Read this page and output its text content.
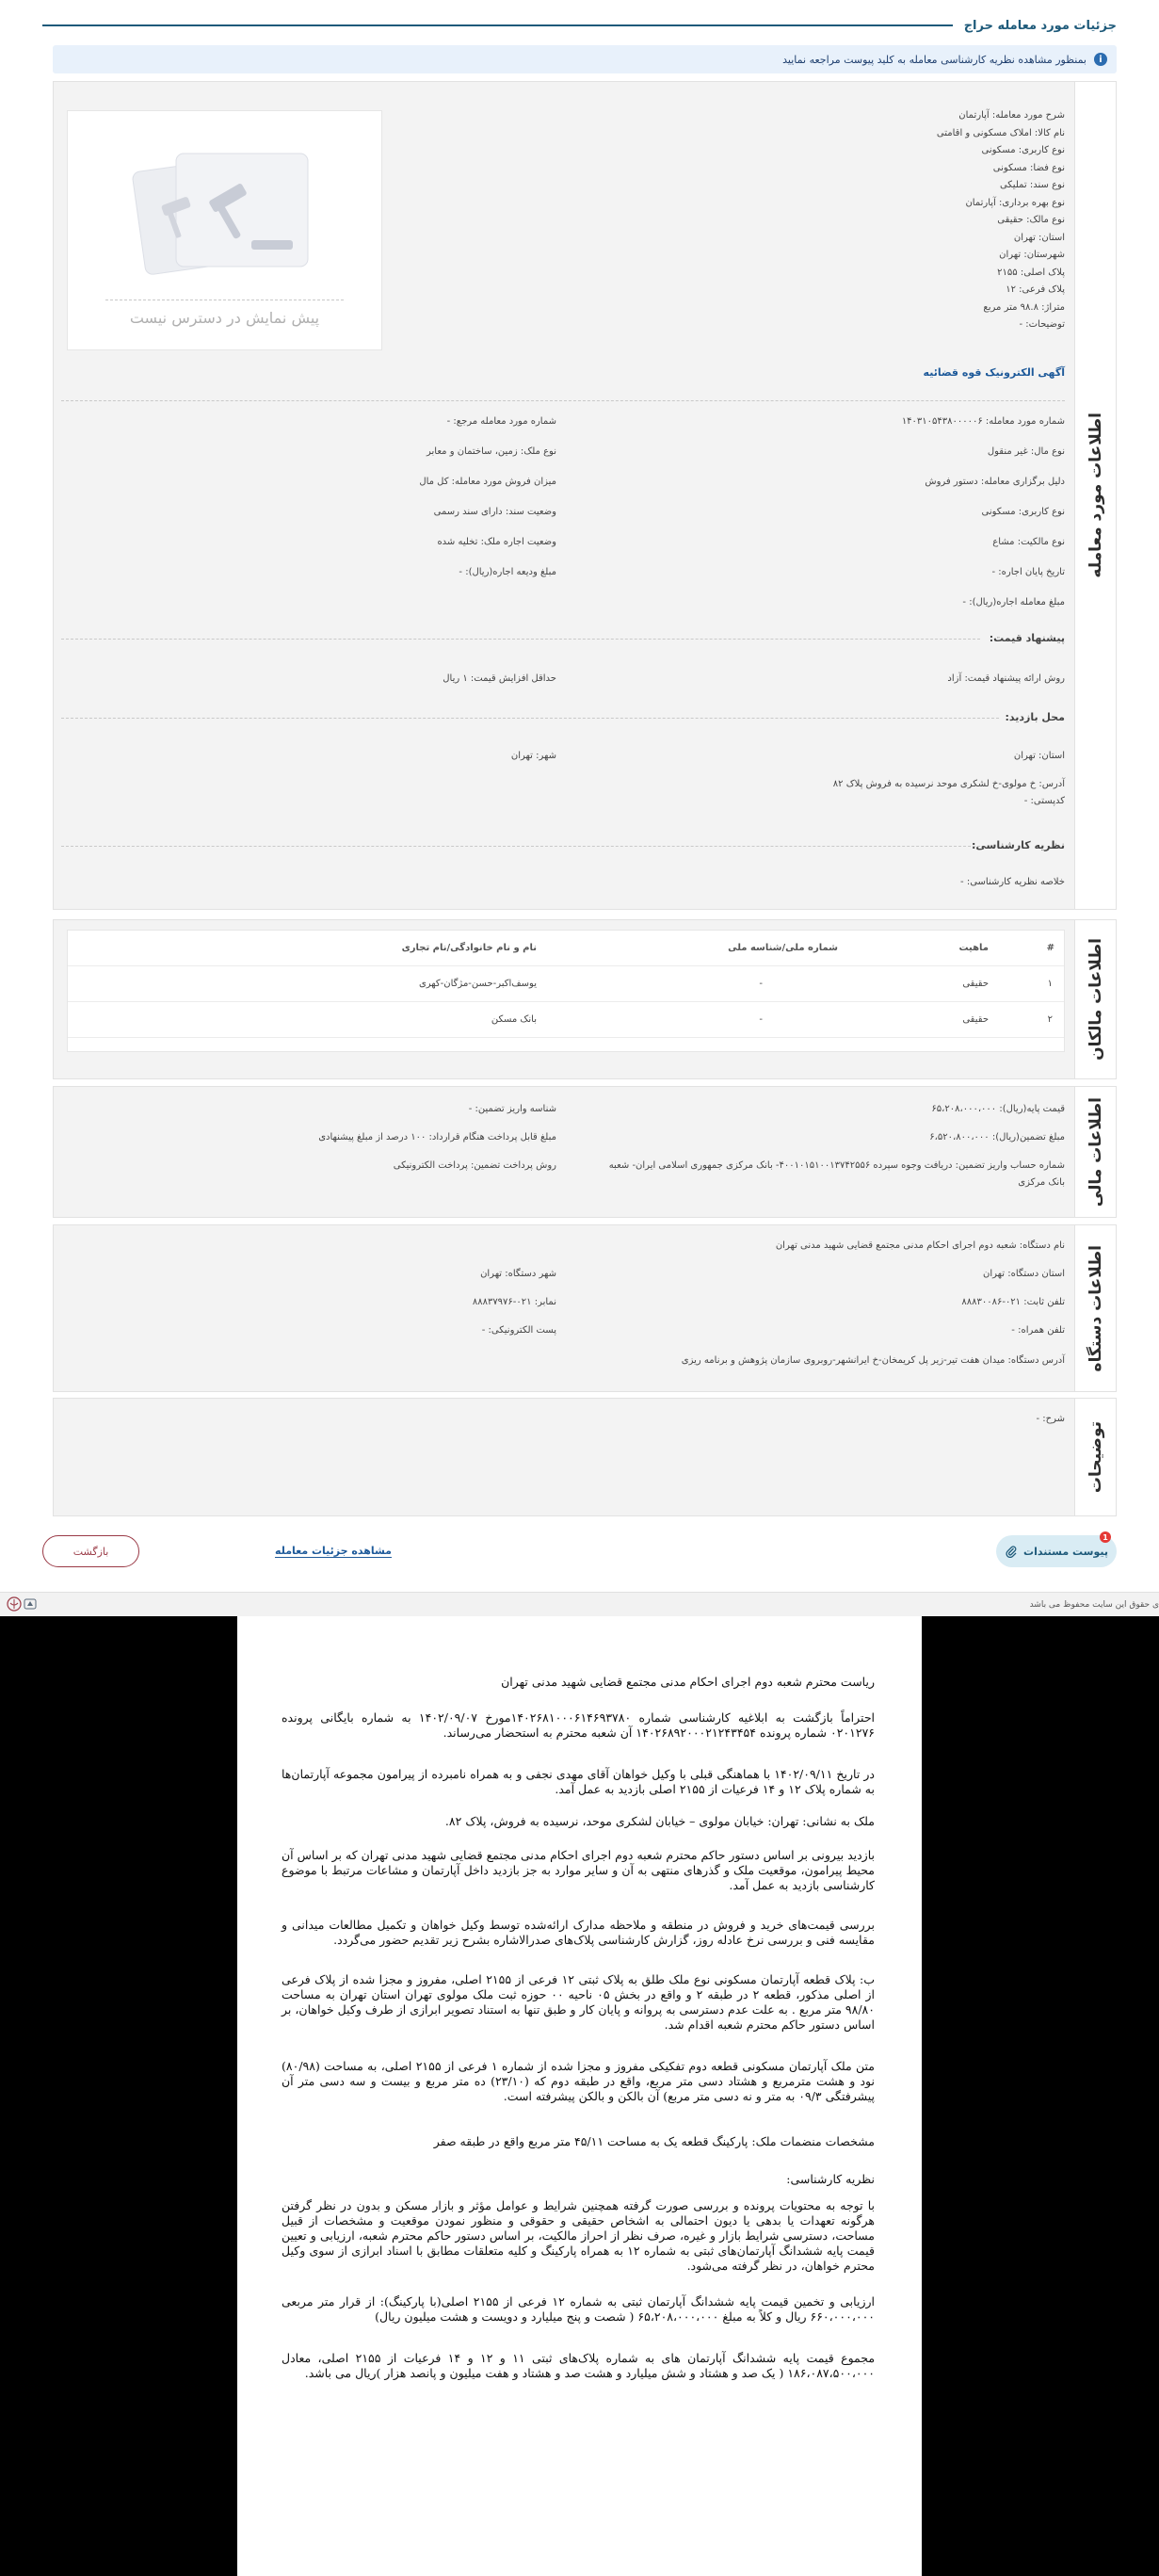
جزئیات مورد معامله حراج
i
بمنظور مشاهده نظریه کارشناسی معامله به کلید پیوست مراجعه نمایید
اطلاعات مورد معامله
شرح مورد معامله: آپارتمان
نام کالا: املاک مسکونی و اقامتی
نوع کاربری: مسکونی
نوع فضا: مسکونی
نوع سند: تملیکی
نوع بهره برداری: آپارتمان
نوع مالک: حقیقی
استان: تهران
شهرستان: تهران
پلاک اصلی: ۲۱۵۵
پلاک فرعی: ۱۲
متراژ: ۹۸.۸ متر مربع
توضیحات: -
پیش نمایش در دسترس نیست
آگهی الکترونیک قوه قضائیه
شماره مورد معامله: ۱۴۰۳۱۰۵۴۳۸۰۰۰۰۰۶
نوع مال: غیر منقول
دلیل برگزاری معامله: دستور فروش
نوع کاربری: مسکونی
نوع مالکیت: مشاع
تاریخ پایان اجاره: -
مبلغ معامله اجاره(ریال): -
شماره مورد معامله مرجع: -
نوع ملک: زمین، ساختمان و معابر
میزان فروش مورد معامله: کل مال
وضعیت سند: دارای سند رسمی
وضعیت اجاره ملک: تخلیه شده
مبلغ ودیعه اجاره(ریال): -
پیشنهاد قیمت:
روش ارائه پیشنهاد قیمت: آزاد
حداقل افزایش قیمت: ۱ ریال
محل بازدید:
استان: تهران
شهر: تهران
آدرس: خ مولوی-خ لشکری موحد نرسیده به فروش پلاک ۸۲
کدپستی: -
نظریه کارشناسی:
خلاصه نظریه کارشناسی: -
اطلاعات مالکان
#
ماهیت
شماره ملی/شناسه ملی
نام و نام خانوادگی/نام تجاری
۱
حقیقی
-
یوسف‌اکبر-حسن‌-مژگان-کهری
۲
حقیقی
-
بانک مسکن
اطلاعات مالی
قیمت پایه(ریال): ۶۵،۲۰۸،۰۰۰،۰۰۰
شناسه واریز تضمین: -
مبلغ تضمین(ریال): ۶،۵۲۰،۸۰۰،۰۰۰
مبلغ قابل پرداخت هنگام قرارداد: ۱۰۰ درصد از مبلغ پیشنهادی
شماره حساب واریز تضمین: دریافت وجوه سپرده ۴۰۰۱۰۱۵۱۰۰۱۳۷۴۲۵۵۶- بانک مرکزی جمهوری اسلامی ایران- شعبه
بانک مرکزی
روش پرداخت تضمین: پرداخت الکترونیکی
اطلاعات دستگاه
نام دستگاه: شعبه دوم اجرای احکام مدنی مجتمع قضایی شهید مدنی تهران
استان دستگاه: تهران
شهر دستگاه: تهران
تلفن ثابت: ۰۲۱-۸۸۸۳۰۰۸۶
نمابر: ۰۲۱-۸۸۸۳۷۹۷۶
تلفن همراه: -
پست الکترونیکی: -
آدرس دستگاه: میدان هفت تیر-زیر پل کریمخان-خ ایرانشهر-روبروی سازمان پژوهش و برنامه ریزی
توضیحات
شرح: -
1
پیوست مستندات
مشاهده جزئیات معامله
بازگشت
ی حقوق این سایت محفوظ می باشد
ریاست محترم شعبه دوم اجرای احکام مدنی مجتمع قضایی شهید مدنی تهران
احتراماً بازگشت به ابلاغیه کارشناسی شماره ۱۴۰۲۶۸۱۰۰۰۶۱۴۶۹۳۷۸۰مورخ ۱۴۰۲/۰۹/۰۷ به شماره بایگانی پرونده ۰۲۰۱۲۷۶ شماره پرونده ۱۴۰۲۶۸۹۲۰۰۰۲۱۲۴۳۴۵۴ آن شعبه محترم به استحضار می‌رساند.
در تاریخ ۱۴۰۲/۰۹/۱۱ با هماهنگی قبلی با وکیل خواهان آقای مهدی نجفی و به همراه نامبرده از پیرامون مجموعه آپارتمان‌ها به شماره پلاک ۱۲ و ۱۴ فرعیات از ۲۱۵۵ اصلی بازدید به عمل آمد.
ملک به نشانی: تهران: خیابان مولوی – خیابان لشکری موحد، نرسیده به فروش، پلاک ۸۲.
بازدید بیرونی بر اساس دستور حاکم محترم شعبه دوم اجرای احکام مدنی مجتمع قضایی شهید مدنی تهران که بر اساس آن محیط پیرامون، موقعیت ملک و گذرهای منتهی به آن و سایر موارد به جز بازدید داخل آپارتمان و مشاعات مرتبط با موضوع کارشناسی بازدید به عمل آمد.
بررسی قیمت‌های خرید و فروش در منطقه و ملاحظه مدارک ارائه‌شده توسط وکیل خواهان و تکمیل مطالعات میدانی و مقایسه فنی و بررسی نرخ عادله روز، گزارش کارشناسی پلاک‌های صدرالاشاره بشرح زیر تقدیم حضور می‌گردد.
ب: پلاک قطعه آپارتمان مسکونی نوع ملک طلق به پلاک ثبتی ۱۲ فرعی از ۲۱۵۵ اصلی، مفروز و مجزا شده از پلاک فرعی از اصلی مذکور، قطعه ۲ در طبقه ۲ و واقع در بخش ۰۵ ناحیه ۰۰ حوزه ثبت ملک مولوی تهران استان تهران به مساحت ۹۸/۸۰ متر مربع . به علت عدم دسترسی به پروانه و پایان کار و طبق تنها به استناد تصویر ابرازی از طرف وکیل خواهان، بر اساس دستور حاکم محترم شعبه اقدام شد.
متن ملک آپارتمان مسکونی قطعه دوم تفکیکی مفروز و مجزا شده از شماره ۱ فرعی از ۲۱۵۵ اصلی، به مساحت (۸۰/۹۸) نود و هشت مترمربع و هشتاد دسی متر مربع، واقع در طبقه دوم که (۲۳/۱۰) ده متر مربع و بیست و سه دسی متر آن پیشرفتگی ۰۹/۳ به متر و نه دسی متر مربع) آن بالکن و بالکن پیشرفته است.
مشخصات منضمات ملک: پارکینگ قطعه یک به مساحت ۴۵/۱۱ متر مربع واقع در طبقه صفر
نظریه کارشناسی:
با توجه به محتویات پرونده و بررسی صورت گرفته همچنین شرایط و عوامل مؤثر و بازار مسکن و بدون در نظر گرفتن هرگونه تعهدات یا بدهی یا دیون احتمالی به اشخاص حقیقی و حقوقی و منظور نمودن موقعیت و مشخصات از قبیل مساحت، دسترسی شرایط بازار و غیره، صرف نظر از احراز مالکیت، بر اساس دستور حاکم محترم شعبه، ارزیابی و تعیین قیمت پایه ششدانگ آپارتمان‌های ثبتی به شماره ۱۲ به همراه پارکینگ و کلیه متعلقات مطابق با اسناد ابرازی از سوی وکیل محترم خواهان، در نظر گرفته می‌شود.
ارزیابی و تخمین قیمت پایه ششدانگ آپارتمان ثبتی به شماره ۱۲ فرعی از ۲۱۵۵ اصلی(با پارکینگ): از قرار متر مربعی ۶۶۰،۰۰۰،۰۰۰ ریال و کلاً به مبلغ ۶۵،۲۰۸،۰۰۰،۰۰۰ ( شصت و پنج میلیارد و دویست و هشت میلیون ریال)
مجموع قیمت پایه ششدانگ آپارتمان های به شماره پلاک‌های ثبتی ۱۱ و ۱۲ و ۱۴ فرعیات از ۲۱۵۵ اصلی، معادل ۱۸۶،۰۸۷،۵۰۰،۰۰۰ ( یک صد و هشتاد و شش میلیارد و هشت صد و هشتاد و هفت میلیون و پانصد هزار )ریال می باشد.
